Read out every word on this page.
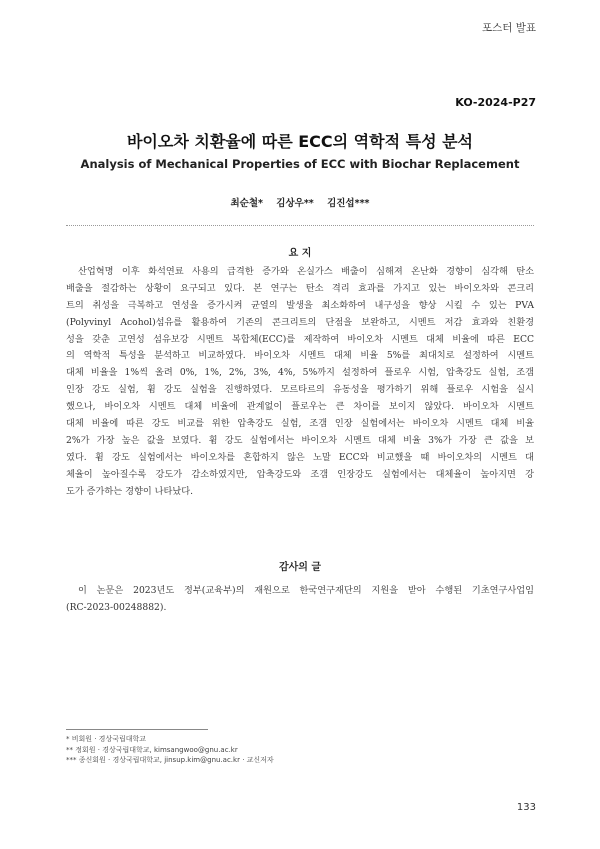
포스터 발표
KO-2024-P27
바이오차 치환율에 따른 ECC의 역학적 특성 분석
Analysis of Mechanical Properties of ECC with Biochar Replacement
최순철* 김상우** 김진섭***
요 지
산업혁명 이후 화석연료 사용의 급격한 증가와 온실가스 배출이 심해져 온난화 경향이 심각해 탄소
배출을 절감하는 상황이 요구되고 있다. 본 연구는 탄소 격리 효과를 가지고 있는 바이오차와 콘크리
트의 취성을 극복하고 연성을 증가시켜 균열의 발생을 최소화하여 내구성을 향상 시킬 수 있는 PVA
(Polyvinyl Acohol)섬유를 활용하여 기존의 콘크리트의 단점을 보완하고, 시멘트 저감 효과와 친환경
성을 갖춘 고연성 섬유보강 시멘트 복합체(ECC)를 제작하여 바이오차 시멘트 대체 비율에 따른 ECC
의 역학적 특성을 분석하고 비교하였다. 바이오차 시멘트 대체 비율 5%를 최대치로 설정하여 시멘트
대체 비율을 1%씩 올려 0%, 1%, 2%, 3%, 4%, 5%까지 설정하여 플로우 시험, 압축강도 실험, 조갬
인장 강도 실험, 휨 강도 실험을 진행하였다. 모르타르의 유동성을 평가하기 위해 플로우 시험을 실시
했으나, 바이오차 시멘트 대체 비율에 관계없이 플로우는 큰 차이를 보이지 않았다. 바이오차 시멘트
대체 비율에 따른 강도 비교를 위한 압축강도 실험, 조갬 인장 실험에서는 바이오차 시멘트 대체 비율
2%가 가장 높은 값을 보였다. 휨 강도 실험에서는 바이오차 시멘트 대체 비율 3%가 가장 큰 값을 보
였다. 휨 강도 실험에서는 바이오차를 혼합하지 않은 노말 ECC와 비교했을 때 바이오차의 시멘트 대
체율이 높아질수록 강도가 감소하였지만, 압축강도와 조갬 인장강도 실험에서는 대체율이 높아지면 강
도가 증가하는 경향이 나타났다.
감사의 글
이 논문은 2023년도 정부(교육부)의 재원으로 한국연구재단의 지원을 받아 수행된 기초연구사업임
(RC-2023-00248882).
* 비회원 · 경상국립대학교
** 정회원 · 경상국립대학교, kimsangwoo@gnu.ac.kr
*** 종신회원 · 경상국립대학교, jinsup.kim@gnu.ac.kr · 교신저자
133
